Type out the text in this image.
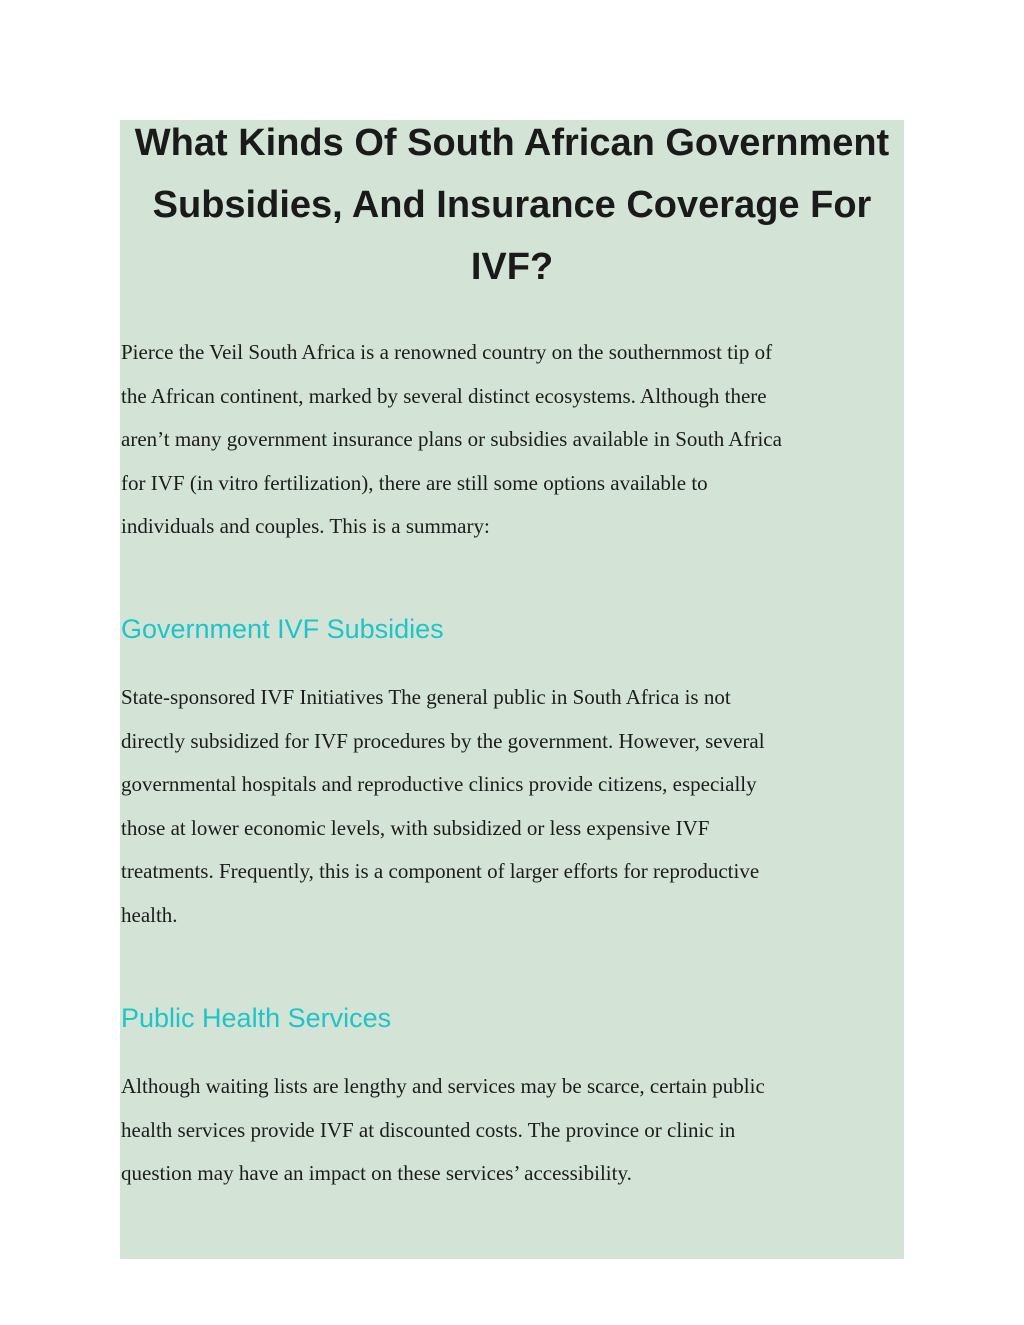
What Kinds Of South African Government Subsidies, And Insurance Coverage For IVF?

Pierce the Veil South Africa is a renowned country on the southernmost tip of
the African continent, marked by several distinct ecosystems. Although there
aren’t many government insurance plans or subsidies available in South Africa
for IVF (in vitro fertilization), there are still some options available to
individuals and couples. This is a summary:

Government IVF Subsidies

State-sponsored IVF Initiatives The general public in South Africa is not
directly subsidized for IVF procedures by the government. However, several
governmental hospitals and reproductive clinics provide citizens, especially
those at lower economic levels, with subsidized or less expensive IVF
treatments. Frequently, this is a component of larger efforts for reproductive
health.

Public Health Services

Although waiting lists are lengthy and services may be scarce, certain public
health services provide IVF at discounted costs. The province or clinic in
question may have an impact on these services’ accessibility.
